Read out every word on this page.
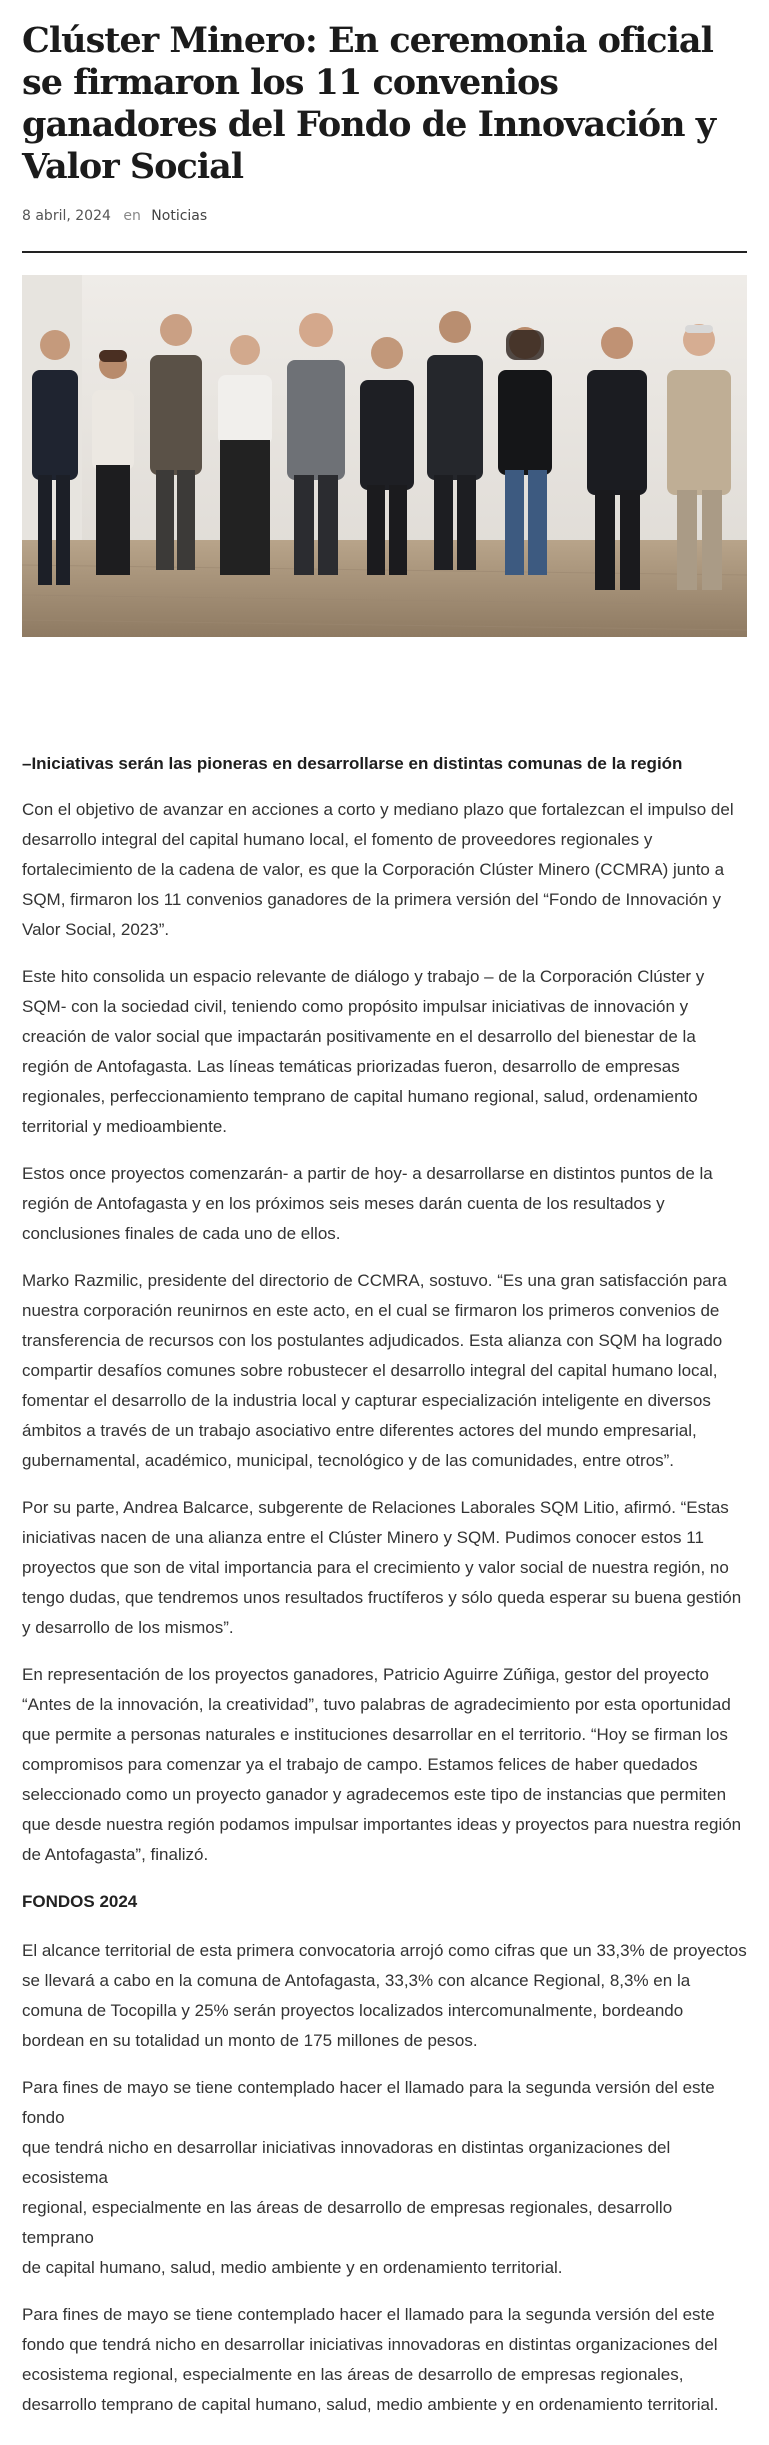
Clúster Minero: En ceremonia oficial se firmaron los 11 convenios ganadores del Fondo de Innovación y Valor Social
8 abril, 2024 en Noticias

–Iniciativas serán las pioneras en desarrollarse en distintas comunas de la región

Con el objetivo de avanzar en acciones a corto y mediano plazo que fortalezcan el impulso del desarrollo integral del capital humano local, el fomento de proveedores regionales y fortalecimiento de la cadena de valor, es que la Corporación Clúster Minero (CCMRA) junto a SQM, firmaron los 11 convenios ganadores de la primera versión del “Fondo de Innovación y Valor Social, 2023”.

Este hito consolida un espacio relevante de diálogo y trabajo – de la Corporación Clúster y SQM- con la sociedad civil, teniendo como propósito impulsar iniciativas de innovación y creación de valor social que impactarán positivamente en el desarrollo del bienestar de la región de Antofagasta. Las líneas temáticas priorizadas fueron, desarrollo de empresas regionales, perfeccionamiento temprano de capital humano regional, salud, ordenamiento territorial y medioambiente.

Estos once proyectos comenzarán- a partir de hoy- a desarrollarse en distintos puntos de la región de Antofagasta y en los próximos seis meses darán cuenta de los resultados y conclusiones finales de cada uno de ellos.

Marko Razmilic, presidente del directorio de CCMRA, sostuvo. “Es una gran satisfacción para nuestra corporación reunirnos en este acto, en el cual se firmaron los primeros convenios de transferencia de recursos con los postulantes adjudicados. Esta alianza con SQM ha logrado compartir desafíos comunes sobre robustecer el desarrollo integral del capital humano local, fomentar el desarrollo de la industria local y capturar especialización inteligente en diversos ámbitos a través de un trabajo asociativo entre diferentes actores del mundo empresarial, gubernamental, académico, municipal, tecnológico y de las comunidades, entre otros”.

Por su parte, Andrea Balcarce, subgerente de Relaciones Laborales SQM Litio, afirmó. “Estas iniciativas nacen de una alianza entre el Clúster Minero y SQM. Pudimos conocer estos 11 proyectos que son de vital importancia para el crecimiento y valor social de nuestra región, no tengo dudas, que tendremos unos resultados fructíferos y sólo queda esperar su buena gestión y desarrollo de los mismos”.

En representación de los proyectos ganadores, Patricio Aguirre Zúñiga, gestor del proyecto “Antes de la innovación, la creatividad”, tuvo palabras de agradecimiento por esta oportunidad que permite a personas naturales e instituciones desarrollar en el territorio. “Hoy se firman los compromisos para comenzar ya el trabajo de campo. Estamos felices de haber quedados seleccionado como un proyecto ganador y agradecemos este tipo de instancias que permiten que desde nuestra región podamos impulsar importantes ideas y proyectos para nuestra región de Antofagasta”, finalizó.

FONDOS 2024

El alcance territorial de esta primera convocatoria arrojó como cifras que un 33,3% de proyectos se llevará a cabo en la comuna de Antofagasta, 33,3% con alcance Regional, 8,3% en la comuna de Tocopilla y 25% serán proyectos localizados intercomunalmente, bordeando bordean en su totalidad un monto de 175 millones de pesos.

Para fines de mayo se tiene contemplado hacer el llamado para la segunda versión del este fondo
que tendrá nicho en desarrollar iniciativas innovadoras en distintas organizaciones del ecosistema
regional, especialmente en las áreas de desarrollo de empresas regionales, desarrollo temprano
de capital humano, salud, medio ambiente y en ordenamiento territorial.

Para fines de mayo se tiene contemplado hacer el llamado para la segunda versión del este fondo que tendrá nicho en desarrollar iniciativas innovadoras en distintas organizaciones del ecosistema regional, especialmente en las áreas de desarrollo de empresas regionales, desarrollo temprano de capital humano, salud, medio ambiente y en ordenamiento territorial.
